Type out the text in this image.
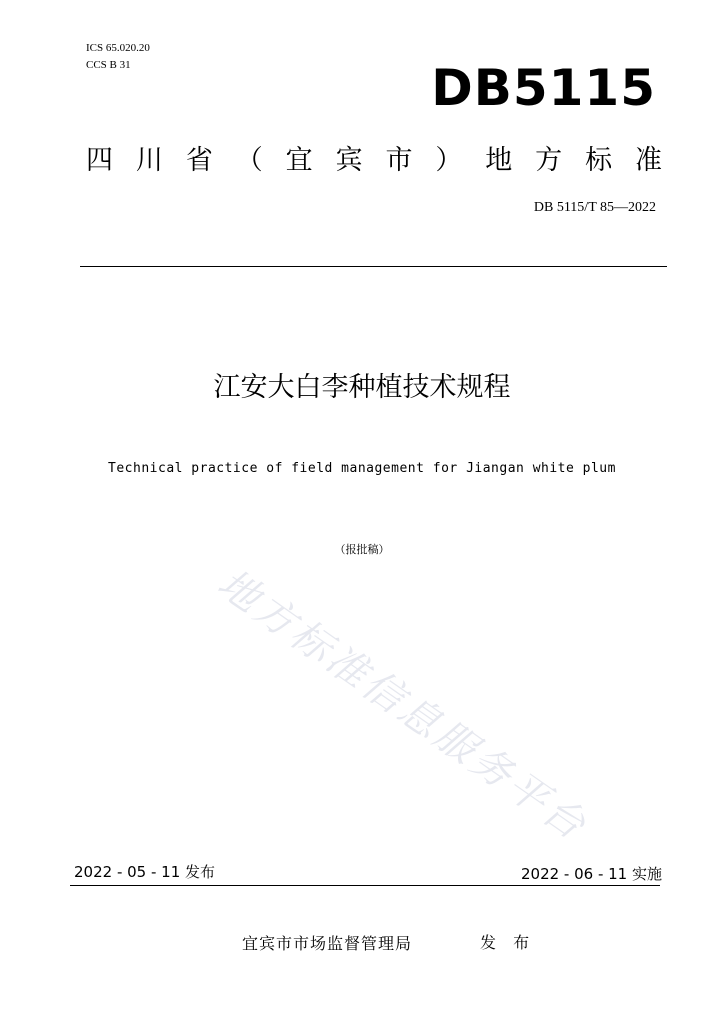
ICS 65.020.20
CCS B 31	DB5115
四 川 省 （ 宜 宾 市 ） 地 方 标 准
DB 5115/T 85—2022
江安大白李种植技术规程
Technical practice of field management for Jiangan white plum
（报批稿）
地方标准信息服务平台
2022 - 05 - 11 发布	2022 - 06 - 11 实施
宜宾市市场监督管理局	发 布
